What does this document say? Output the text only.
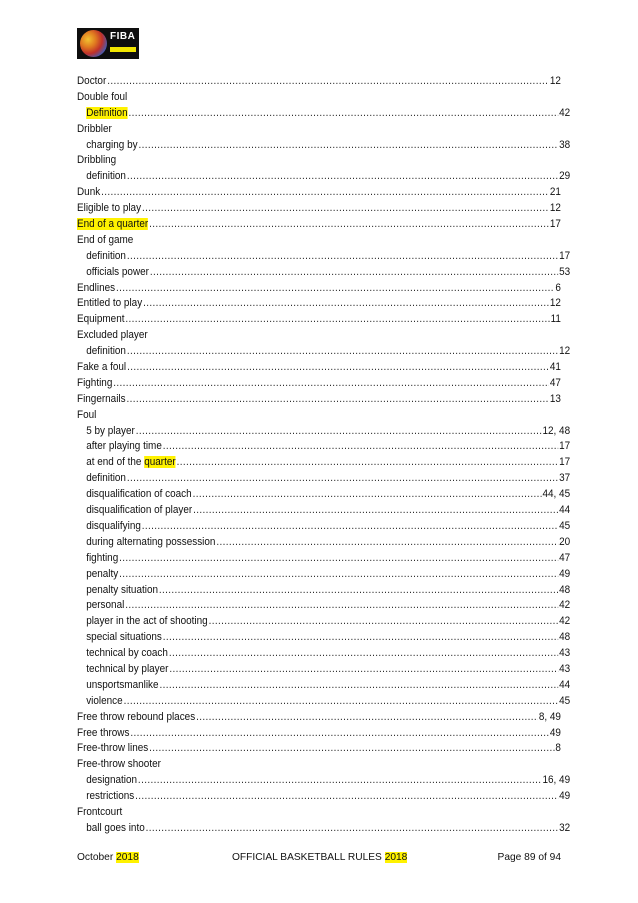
FIBA
Doctor .....	12
Double foul
Definition .....	42
Dribbler
charging by .....	38
Dribbling
definition .....	29
Dunk .....	21
Eligible to play .....	12
End of a quarter .....	17
End of game
definition .....	17
officials power .....	53
Endlines .....	6
Entitled to play .....	12
Equipment .....	11
Excluded player
definition .....	12
Fake a foul .....	41
Fighting .....	47
Fingernails .....	13
Foul
5 by player .....	12, 48
after playing time .....	17
at end of the quarter .....	17
definition .....	37
disqualification of coach .....	44, 45
disqualification of player .....	44
disqualifying .....	45
during alternating possession .....	20
fighting .....	47
penalty .....	49
penalty situation .....	48
personal .....	42
player in the act of shooting .....	42
special situations .....	48
technical by coach .....	43
technical by player .....	43
unsportsmanlike .....	44
violence .....	45
Free throw rebound places .....	8, 49
Free throws .....	49
Free-throw lines .....	8
Free-throw shooter
designation .....	16, 49
restrictions .....	49
Frontcourt
ball goes into .....	32
October 2018	OFFICIAL BASKETBALL RULES 2018	Page 89 of 94
